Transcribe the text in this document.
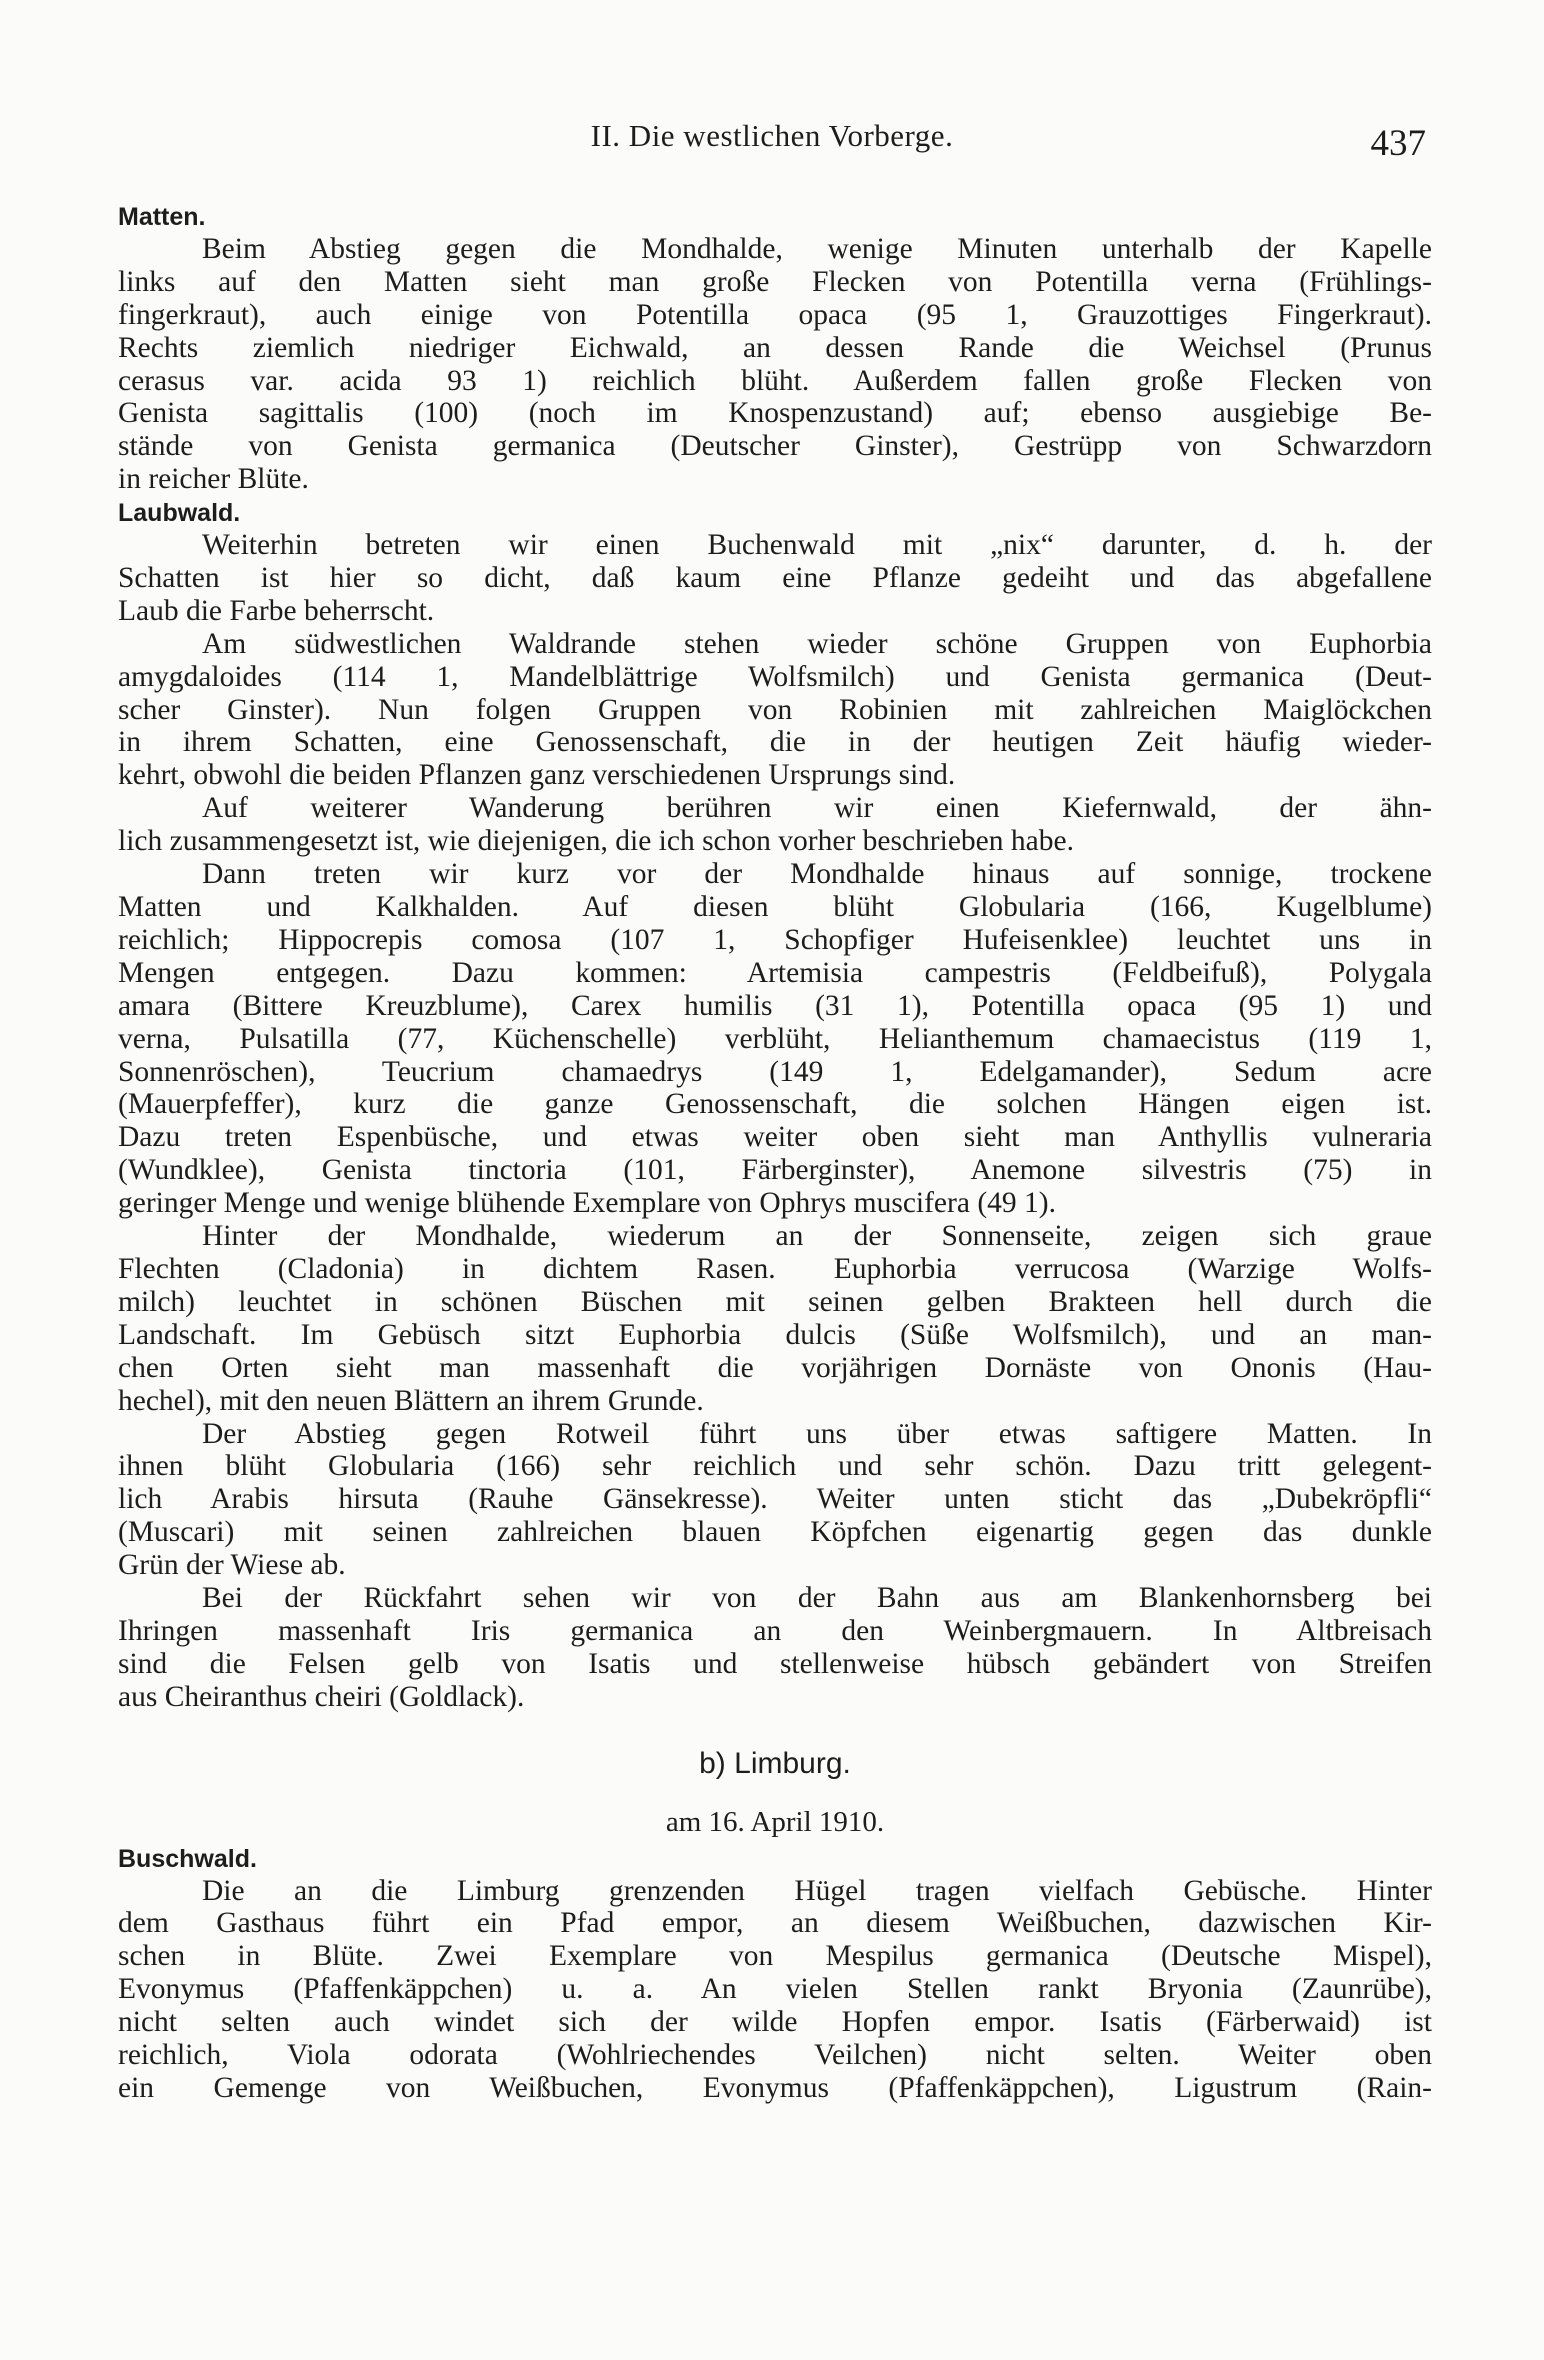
II. Die westlichen Vorberge.	437
Matten.
Beim Abstieg gegen die Mondhalde, wenige Minuten unterhalb der Kapelle
links auf den Matten sieht man große Flecken von Potentilla verna (Frühlings-
fingerkraut), auch einige von Potentilla opaca (95 1, Grauzottiges Fingerkraut).
Rechts ziemlich niedriger Eichwald, an dessen Rande die Weichsel (Prunus
cerasus var. acida 93 1) reichlich blüht. Außerdem fallen große Flecken von
Genista sagittalis (100) (noch im Knospenzustand) auf; ebenso ausgiebige Be-
stände von Genista germanica (Deutscher Ginster), Gestrüpp von Schwarzdorn
in reicher Blüte.
Laubwald.
Weiterhin betreten wir einen Buchenwald mit „nix“ darunter, d. h. der
Schatten ist hier so dicht, daß kaum eine Pflanze gedeiht und das abgefallene
Laub die Farbe beherrscht.
Am südwestlichen Waldrande stehen wieder schöne Gruppen von Euphorbia
amygdaloides (114 1, Mandelblättrige Wolfsmilch) und Genista germanica (Deut-
scher Ginster). Nun folgen Gruppen von Robinien mit zahlreichen Maiglöckchen
in ihrem Schatten, eine Genossenschaft, die in der heutigen Zeit häufig wieder-
kehrt, obwohl die beiden Pflanzen ganz verschiedenen Ursprungs sind.
Auf weiterer Wanderung berühren wir einen Kiefernwald, der ähn-
lich zusammengesetzt ist, wie diejenigen, die ich schon vorher beschrieben habe.
Dann treten wir kurz vor der Mondhalde hinaus auf sonnige, trockene
Matten und Kalkhalden. Auf diesen blüht Globularia (166, Kugelblume)
reichlich; Hippocrepis comosa (107 1, Schopfiger Hufeisenklee) leuchtet uns in
Mengen entgegen. Dazu kommen: Artemisia campestris (Feldbeifuß), Polygala
amara (Bittere Kreuzblume), Carex humilis (31 1), Potentilla opaca (95 1) und
verna, Pulsatilla (77, Küchenschelle) verblüht, Helianthemum chamaecistus (119 1,
Sonnenröschen), Teucrium chamaedrys (149 1, Edelgamander), Sedum acre
(Mauerpfeffer), kurz die ganze Genossenschaft, die solchen Hängen eigen ist.
Dazu treten Espenbüsche, und etwas weiter oben sieht man Anthyllis vulneraria
(Wundklee), Genista tinctoria (101, Färberginster), Anemone silvestris (75) in
geringer Menge und wenige blühende Exemplare von Ophrys muscifera (49 1).
Hinter der Mondhalde, wiederum an der Sonnenseite, zeigen sich graue
Flechten (Cladonia) in dichtem Rasen. Euphorbia verrucosa (Warzige Wolfs-
milch) leuchtet in schönen Büschen mit seinen gelben Brakteen hell durch die
Landschaft. Im Gebüsch sitzt Euphorbia dulcis (Süße Wolfsmilch), und an man-
chen Orten sieht man massenhaft die vorjährigen Dornäste von Ononis (Hau-
hechel), mit den neuen Blättern an ihrem Grunde.
Der Abstieg gegen Rotweil führt uns über etwas saftigere Matten. In
ihnen blüht Globularia (166) sehr reichlich und sehr schön. Dazu tritt gelegent-
lich Arabis hirsuta (Rauhe Gänsekresse). Weiter unten sticht das „Dubekröpfli“
(Muscari) mit seinen zahlreichen blauen Köpfchen eigenartig gegen das dunkle
Grün der Wiese ab.
Bei der Rückfahrt sehen wir von der Bahn aus am Blankenhornsberg bei
Ihringen massenhaft Iris germanica an den Weinbergmauern. In Altbreisach
sind die Felsen gelb von Isatis und stellenweise hübsch gebändert von Streifen
aus Cheiranthus cheiri (Goldlack).
b) Limburg.
am 16. April 1910.
Buschwald.
Die an die Limburg grenzenden Hügel tragen vielfach Gebüsche. Hinter
dem Gasthaus führt ein Pfad empor, an diesem Weißbuchen, dazwischen Kir-
schen in Blüte. Zwei Exemplare von Mespilus germanica (Deutsche Mispel),
Evonymus (Pfaffenkäppchen) u. a. An vielen Stellen rankt Bryonia (Zaunrübe),
nicht selten auch windet sich der wilde Hopfen empor. Isatis (Färberwaid) ist
reichlich, Viola odorata (Wohlriechendes Veilchen) nicht selten. Weiter oben
ein Gemenge von Weißbuchen, Evonymus (Pfaffenkäppchen), Ligustrum (Rain-
